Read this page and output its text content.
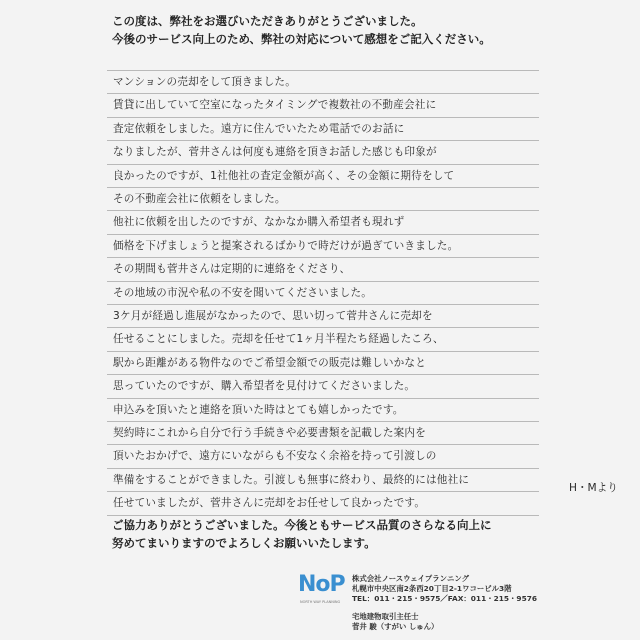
この度は、弊社をお選びいただきありがとうございました。
今後のサービス向上のため、弊社の対応について感想をご記入ください。
マンションの売却をして頂きました。
賃貸に出していて空室になったタイミングで複数社の不動産会社に
査定依頼をしました。遠方に住んでいたため電話でのお話に
なりましたが、菅井さんは何度も連絡を頂きお話した感じも印象が
良かったのですが、1社他社の査定金額が高く、その金額に期待をして
その不動産会社に依頼をしました。
他社に依頼を出したのですが、なかなか購入希望者も現れず
価格を下げましょうと提案されるばかりで時だけが過ぎていきました。
その期間も菅井さんは定期的に連絡をくださり、
その地域の市況や私の不安を聞いてくださいました。
3ケ月が経過し進展がなかったので、思い切って菅井さんに売却を
任せることにしました。売却を任せて1ヶ月半程たち経過したころ、
駅から距離がある物件なのでご希望金額での販売は難しいかなと
思っていたのですが、購入希望者を見付けてくださいました。
申込みを頂いたと連絡を頂いた時はとても嬉しかったです。
契約時にこれから自分で行う手続きや必要書類を記載した案内を
頂いたおかげで、遠方にいながらも不安なく余裕を持って引渡しの
準備をすることができました。引渡しも無事に終わり、最終的には他社に
任せていましたが、菅井さんに売却をお任せして良かったです。
H・Mより
ご協力ありがとうございました。今後ともサービス品質のさらなる向上に
努めてまいりますのでよろしくお願いいたします。
NoP
NORTH WAY PLANNING
株式会社ノースウェイプランニング
札幌市中央区南2条西20丁目2-1ワコービル3階
TEL：011・215・9575／FAX：011・215・9576
宅地建物取引主任士
菅井 駿（すがい しゅん）
